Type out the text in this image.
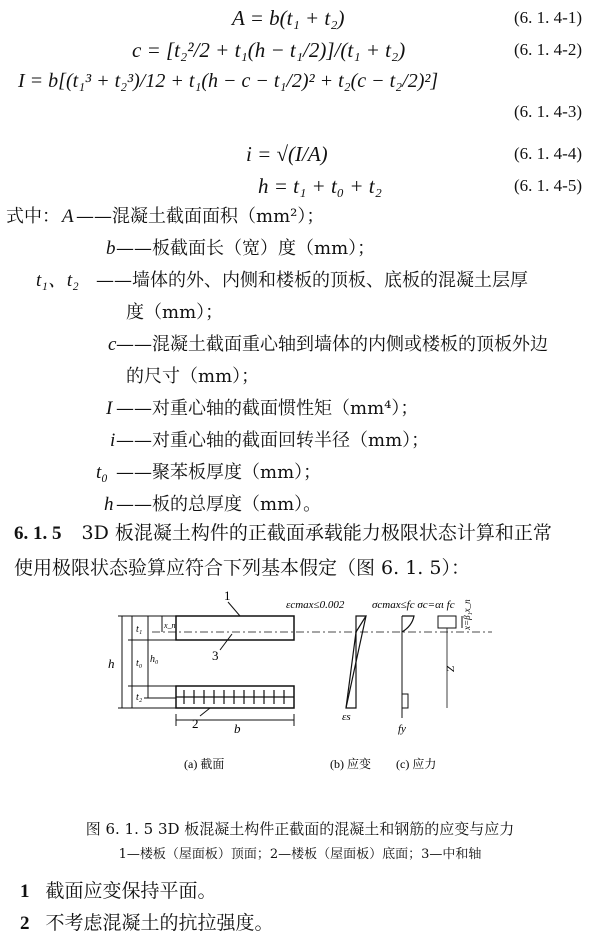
A = b(t₁ + t₂)	(6. 1. 4-1)
c = [t₂²/2 + t₁(h − t₁/2)]/(t₁ + t₂)	(6. 1. 4-2)
I = b[(t₁³ + t₂³)/12 + t₁(h − c − t₁/2)² + t₂(c − t₂/2)²]
(6. 1. 4-3)
i = √(I/A)	(6. 1. 4-4)
h = t₁ + t₀ + t₂	(6. 1. 4-5)
式中： A ——混凝土截面面积（mm²）；
b ——板截面长（宽）度（mm）；
t₁、t₂ ——墙体的外、内侧和楼板的顶板、底板的混凝土层厚
度（mm）；
c ——混凝土截面重心轴到墙体的内侧或楼板的顶板外边
的尺寸（mm）；
I ——对重心轴的截面惯性矩（mm⁴）；
i ——对重心轴的截面回转半径（mm）；
t₀ ——聚苯板厚度（mm）；
h ——板的总厚度（mm）。
6. 1. 5 3D 板混凝土构件的正截面承载能力极限状态计算和正常
使用极限状态验算应符合下列基本假定（图 6. 1. 5）：
1
3
2	b
h
t₁
t₀
t₂
h₀
x_n
εcmax≤0.002
εs
σcmax≤fc σc=αι fc
fy
x=β₁x_n
Z
(a) 截面	(b) 应变 (c) 应力
图 6. 1. 5 3D 板混凝土构件正截面的混凝土和钢筋的应变与应力
1—楼板（屋面板）顶面；2—楼板（屋面板）底面；3—中和轴
1 截面应变保持平面。
2 不考虑混凝土的抗拉强度。
